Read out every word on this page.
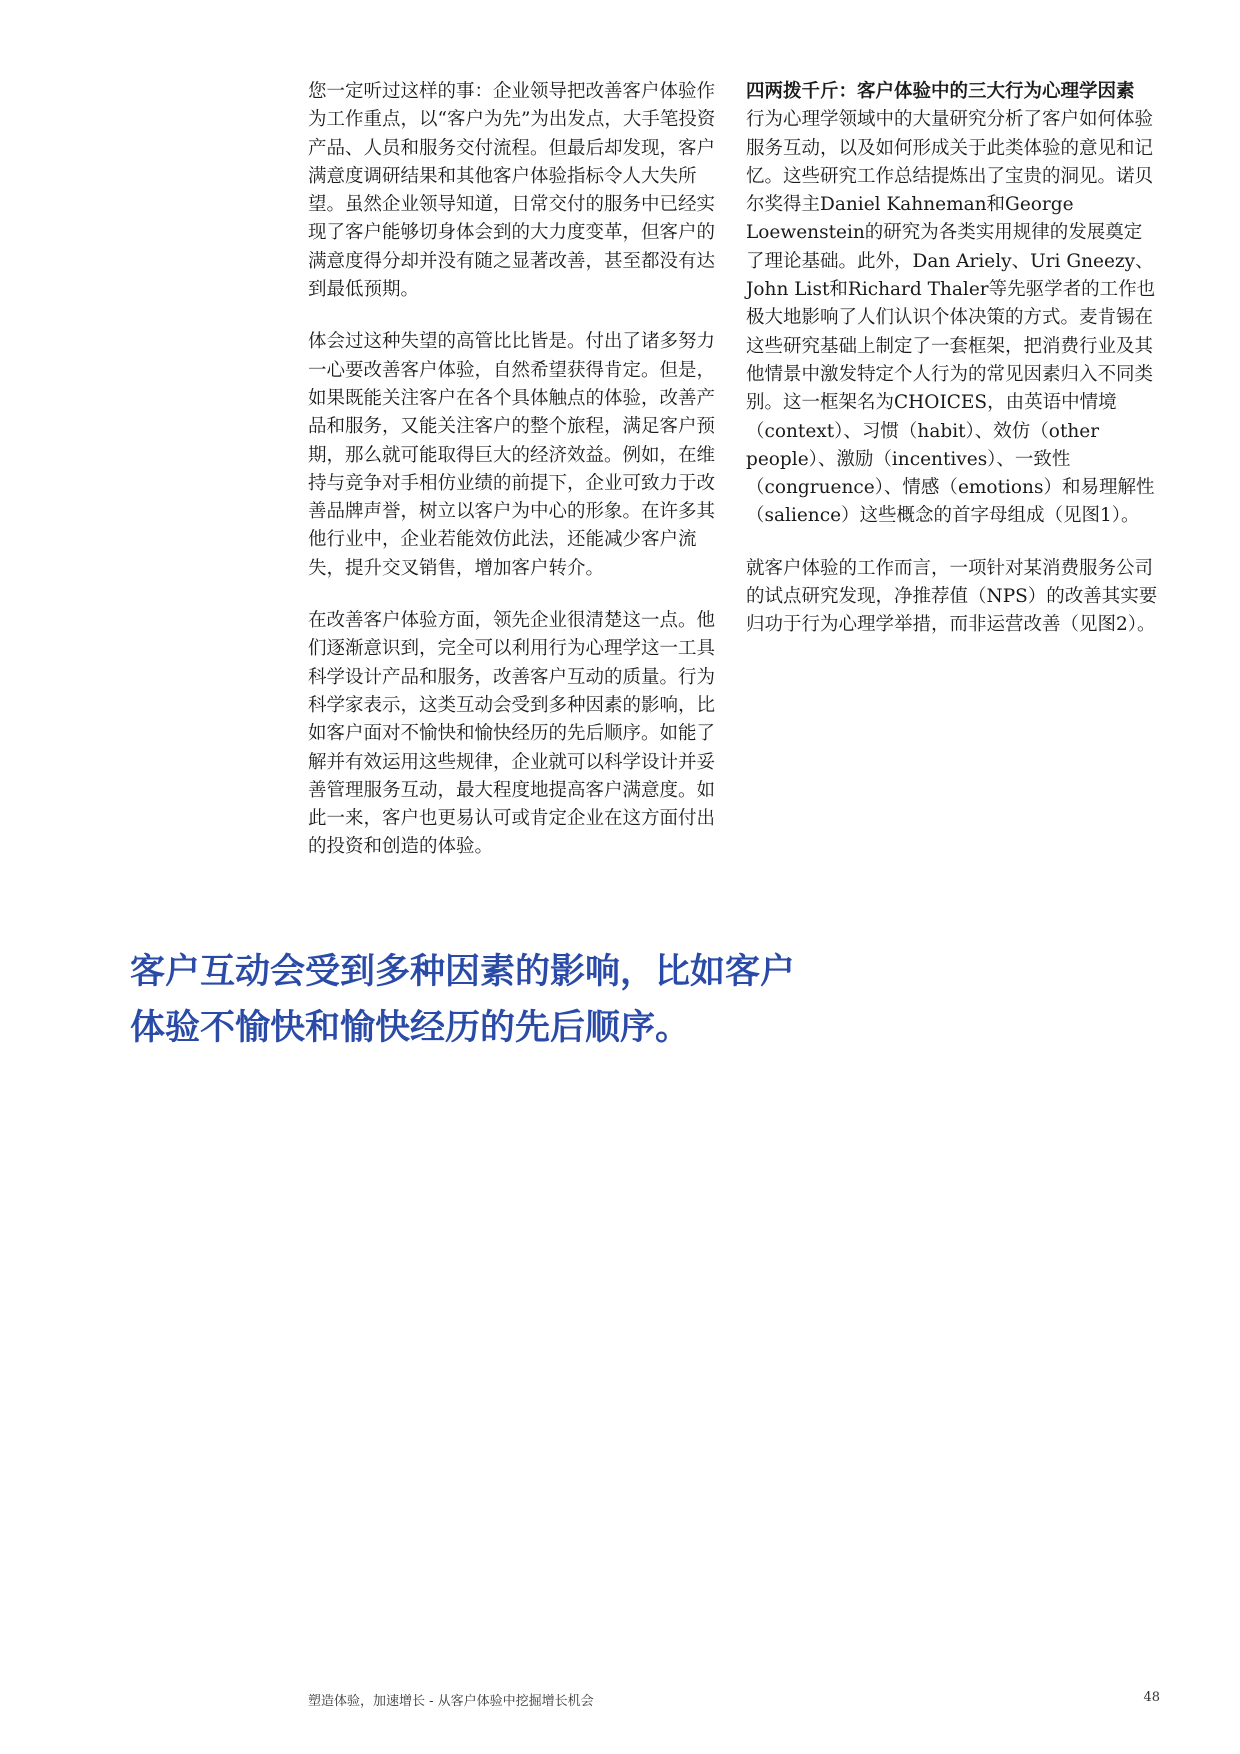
您一定听过这样的事：企业领导把改善客户体验作为工作重点，以“客户为先”为出发点，大手笔投资产品、人员和服务交付流程。但最后却发现，客户满意度调研结果和其他客户体验指标令人大失所望。虽然企业领导知道，日常交付的服务中已经实现了客户能够切身体会到的大力度变革，但客户的满意度得分却并没有随之显著改善，甚至都没有达到最低预期。

体会过这种失望的高管比比皆是。付出了诸多努力一心要改善客户体验，自然希望获得肯定。但是，如果既能关注客户在各个具体触点的体验，改善产品和服务，又能关注客户的整个旅程，满足客户预期，那么就可能取得巨大的经济效益。例如，在维持与竞争对手相仿业绩的前提下，企业可致力于改善品牌声誉，树立以客户为中心的形象。在许多其他行业中，企业若能效仿此法，还能减少客户流失，提升交叉销售，增加客户转介。

在改善客户体验方面，领先企业很清楚这一点。他们逐渐意识到，完全可以利用行为心理学这一工具科学设计产品和服务，改善客户互动的质量。行为科学家表示，这类互动会受到多种因素的影响，比如客户面对不愉快和愉快经历的先后顺序。如能了解并有效运用这些规律，企业就可以科学设计并妥善管理服务互动，最大程度地提高客户满意度。如此一来，客户也更易认可或肯定企业在这方面付出的投资和创造的体验。

四两拨千斤：客户体验中的三大行为心理学因素

行为心理学领域中的大量研究分析了客户如何体验服务互动，以及如何形成关于此类体验的意见和记忆。这些研究工作总结提炼出了宝贵的洞见。诺贝尔奖得主Daniel Kahneman和George Loewenstein的研究为各类实用规律的发展奠定了理论基础。此外，Dan Ariely、Uri Gneezy、John List和Richard Thaler等先驱学者的工作也极大地影响了人们认识个体决策的方式。麦肯锡在这些研究基础上制定了一套框架，把消费行业及其他情景中激发特定个人行为的常见因素归入不同类别。这一框架名为CHOICES，由英语中情境（context）、习惯（habit）、效仿（other people）、激励（incentives）、一致性（congruence）、情感（emotions）和易理解性（salience）这些概念的首字母组成（见图1）。

就客户体验的工作而言，一项针对某消费服务公司的试点研究发现，净推荐值（NPS）的改善其实要归功于行为心理学举措，而非运营改善（见图2）。

客户互动会受到多种因素的影响，比如客户体验不愉快和愉快经历的先后顺序。

塑造体验，加速增长 - 从客户体验中挖掘增长机会	48
